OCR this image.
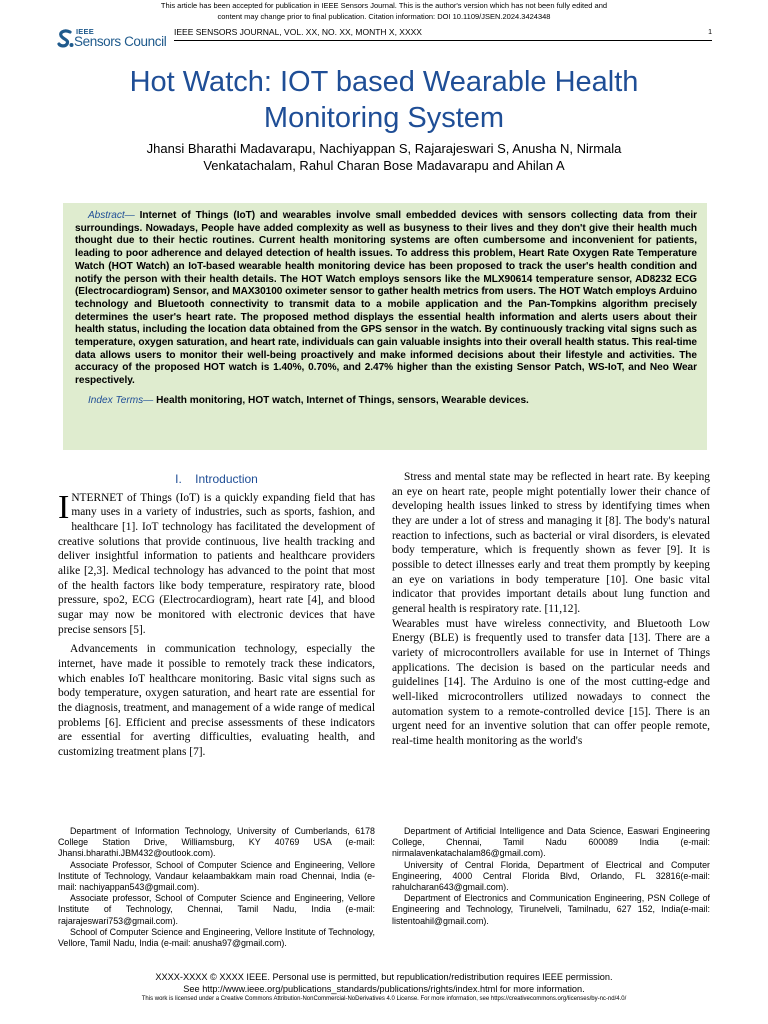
This article has been accepted for publication in IEEE Sensors Journal. This is the author's version which has not been fully edited and
content may change prior to final publication. Citation information: DOI 10.1109/JSEN.2024.3424348
IEEE
Sensors Council
IEEE SENSORS JOURNAL, VOL. XX, NO. XX, MONTH X, XXXX	1
Hot Watch: IOT based Wearable Health Monitoring System
Jhansi Bharathi Madavarapu, Nachiyappan S, Rajarajeswari S, Anusha N, Nirmala Venkatachalam, Rahul Charan Bose Madavarapu and Ahilan A

Abstract— Internet of Things (IoT) and wearables involve small embedded devices with sensors collecting data from their surroundings. Nowadays, People have added complexity as well as busyness to their lives and they don't give their health much thought due to their hectic routines. Current health monitoring systems are often cumbersome and inconvenient for patients, leading to poor adherence and delayed detection of health issues. To address this problem, Heart Rate Oxygen Rate Temperature Watch (HOT Watch) an IoT-based wearable health monitoring device has been proposed to track the user's health condition and notify the person with their health details. The HOT Watch employs sensors like the MLX90614 temperature sensor, AD8232 ECG (Electrocardiogram) Sensor, and MAX30100 oximeter sensor to gather health metrics from users. The HOT Watch employs Arduino technology and Bluetooth connectivity to transmit data to a mobile application and the Pan-Tompkins algorithm precisely determines the user's heart rate. The proposed method displays the essential health information and alerts users about their health status, including the location data obtained from the GPS sensor in the watch. By continuously tracking vital signs such as temperature, oxygen saturation, and heart rate, individuals can gain valuable insights into their overall health status. This real-time data allows users to monitor their well-being proactively and make informed decisions about their lifestyle and activities. The accuracy of the proposed HOT watch is 1.40%, 0.70%, and 2.47% higher than the existing Sensor Patch, WS-IoT, and Neo Wear respectively.

Index Terms— Health monitoring, HOT watch, Internet of Things, sensors, Wearable devices.

I.    Introduction

INTERNET of Things (IoT) is a quickly expanding field that has many uses in a variety of industries, such as sports, fashion, and healthcare [1]. IoT technology has facilitated the development of creative solutions that provide continuous, live health tracking and deliver insightful information to patients and healthcare providers alike [2,3]. Medical technology has advanced to the point that most of the health factors like body temperature, respiratory rate, blood pressure, spo2, ECG (Electrocardiogram), heart rate [4], and blood sugar may now be monitored with electronic devices that have precise sensors [5].

Advancements in communication technology, especially the internet, have made it possible to remotely track these indicators, which enables IoT healthcare monitoring. Basic vital signs such as body temperature, oxygen saturation, and heart rate are essential for the diagnosis, treatment, and management of a wide range of medical problems [6]. Efficient and precise assessments of these indicators are essential for averting difficulties, evaluating health, and customizing treatment plans [7].

Stress and mental state may be reflected in heart rate. By keeping an eye on heart rate, people might potentially lower their chance of developing health issues linked to stress by identifying times when they are under a lot of stress and managing it [8]. The body's natural reaction to infections, such as bacterial or viral disorders, is elevated body temperature, which is frequently shown as fever [9]. It is possible to detect illnesses early and treat them promptly by keeping an eye on variations in body temperature [10]. One basic vital indicator that provides important details about lung function and general health is respiratory rate. [11,12].

Wearables must have wireless connectivity, and Bluetooth Low Energy (BLE) is frequently used to transfer data [13]. There are a variety of microcontrollers available for use in Internet of Things applications. The decision is based on the particular needs and guidelines [14]. The Arduino is one of the most cutting-edge and well-liked microcontrollers utilized nowadays to connect the automation system to a remote-controlled device [15]. There is an urgent need for an inventive solution that can offer people remote, real-time health monitoring as the world's

Department of Information Technology, University of Cumberlands, 6178 College Station Drive, Williamsburg, KY 40769 USA (e-mail: Jhansi.bharathi.JBM432@outlook.com).

Associate Professor, School of Computer Science and Engineering, Vellore Institute of Technology, Vandaur kelaambakkam main road Chennai, India (e-mail: nachiyappan543@gmail.com).

Associate professor, School of Computer Science and Engineering, Vellore Institute of Technology, Chennai, Tamil Nadu, India (e-mail: rajarajeswari753@gmail.com).

School of Computer Science and Engineering, Vellore Institute of Technology, Vellore, Tamil Nadu, India (e-mail: anusha97@gmail.com).

Department of Artificial Intelligence and Data Science, Easwari Engineering College, Chennai, Tamil Nadu 600089 India (e-mail: nirmalavenkatachalam86@gmail.com).

University of Central Florida, Department of Electrical and Computer Engineering, 4000 Central Florida Blvd, Orlando, FL 32816(e-mail: rahulcharan643@gmail.com).

Department of Electronics and Communication Engineering, PSN College of Engineering and Technology, Tirunelveli, Tamilnadu, 627 152, India(e-mail: listentoahil@gmail.com).

XXXX-XXXX © XXXX IEEE. Personal use is permitted, but republication/redistribution requires IEEE permission.
See http://www.ieee.org/publications_standards/publications/rights/index.html for more information.
This work is licensed under a Creative Commons Attribution-NonCommercial-NoDerivatives 4.0 License. For more information, see https://creativecommons.org/licenses/by-nc-nd/4.0/
